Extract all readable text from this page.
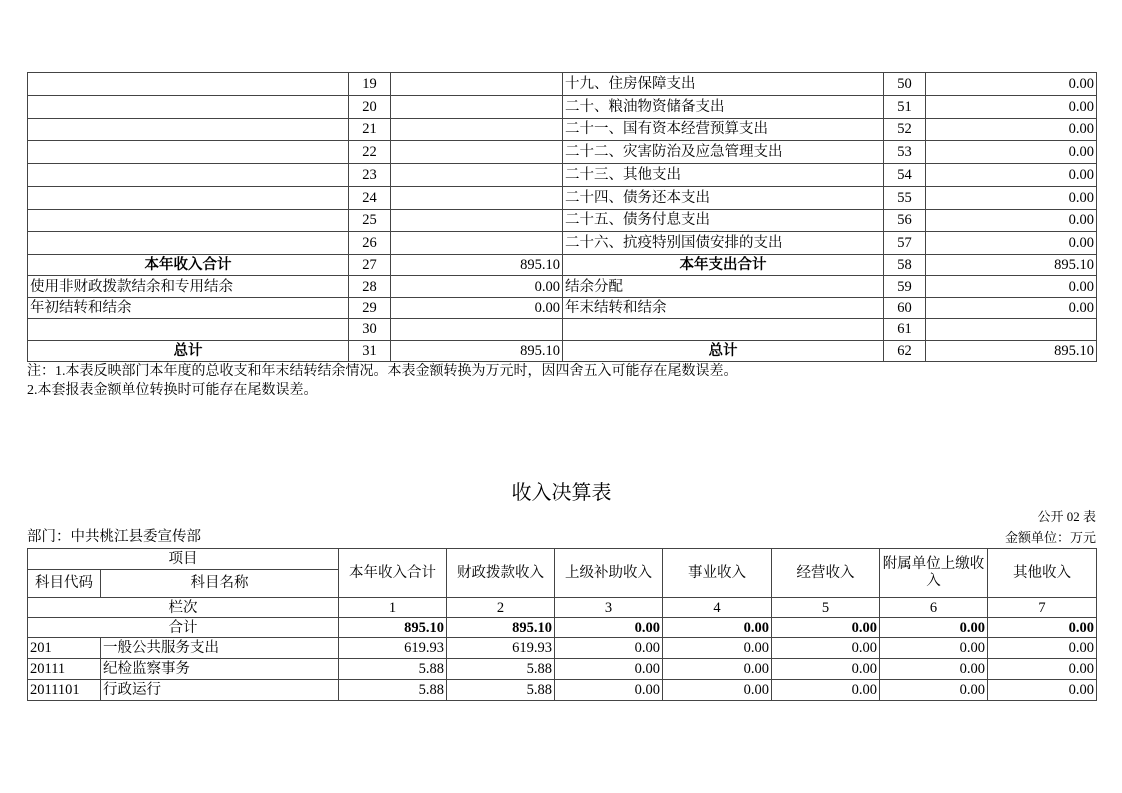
	19		十九、住房保障支出	50	0.00
	20		二十、粮油物资储备支出	51	0.00
	21		二十一、国有资本经营预算支出	52	0.00
	22		二十二、灾害防治及应急管理支出	53	0.00
	23		二十三、其他支出	54	0.00
	24		二十四、债务还本支出	55	0.00
	25		二十五、债务付息支出	56	0.00
	26		二十六、抗疫特别国债安排的支出	57	0.00
本年收入合计	27	895.10	本年支出合计	58	895.10
使用非财政拨款结余和专用结余	28	0.00	结余分配	59	0.00
年初结转和结余	29	0.00	年末结转和结余	60	0.00
	30			61	
总计	31	895.10	总计	62	895.10
注：1.本表反映部门本年度的总收支和年末结转结余情况。本表金额转换为万元时，因四舍五入可能存在尾数误差。
2.本套报表金额单位转换时可能存在尾数误差。
收入决算表
公开 02 表
部门：中共桃江县委宣传部	金额单位：万元
项目		本年收入合计	财政拨款收入	上级补助收入	事业收入	经营收入	附属单位上缴收入	其他收入
科目代码	科目名称							
栏次		1	2	3	4	5	6	7
合计		895.10	895.10	0.00	0.00	0.00	0.00	0.00
201	一般公共服务支出	619.93	619.93	0.00	0.00	0.00	0.00	0.00
20111	纪检监察事务	5.88	5.88	0.00	0.00	0.00	0.00	0.00
2011101	行政运行	5.88	5.88	0.00	0.00	0.00	0.00	0.00
